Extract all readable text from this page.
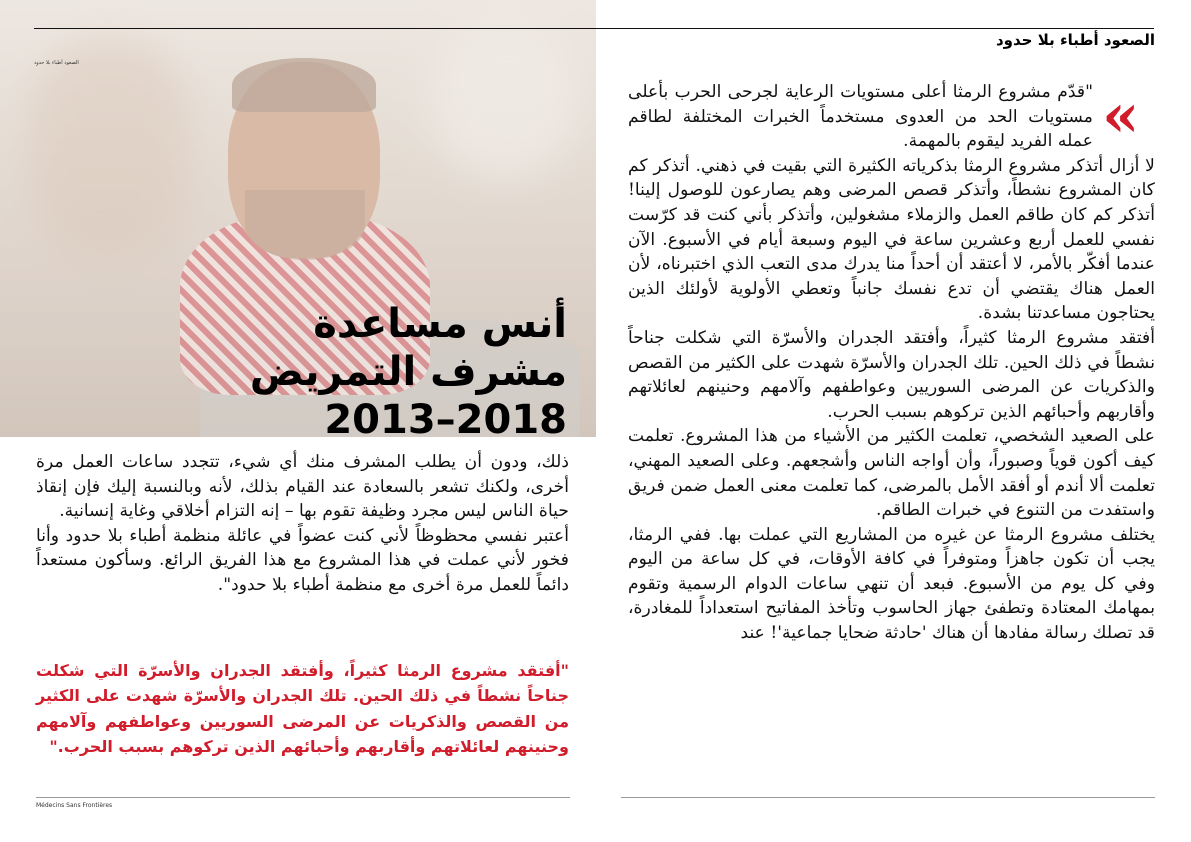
الصعود أطباء بلا حدود
أنس مساعدة
مشرف التمريض
2013–2018
الصعود أطباء بلا حدود
«

"قدّم مشروع الرمثا أعلى مستويات الرعاية لجرحى الحرب بأعلى مستويات الحد من العدوى مستخدماً الخبرات المختلفة لطاقم عمله الفريد ليقوم بالمهمة.

لا أزال أتذكر مشروع الرمثا بذكرياته الكثيرة التي بقيت في ذهني. أتذكر كم كان المشروع نشطاً، وأتذكر قصص المرضى وهم يصارعون للوصول إلينا! أتذكر كم كان طاقم العمل والزملاء مشغولين، وأتذكر بأني كنت قد كرّست نفسي للعمل أربع وعشرين ساعة في اليوم وسبعة أيام في الأسبوع. الآن عندما أفكّر بالأمر، لا أعتقد أن أحداً منا يدرك مدى التعب الذي اختبرناه، لأن العمل هناك يقتضي أن تدع نفسك جانباً وتعطي الأولوية لأولئك الذين يحتاجون مساعدتنا بشدة.

أفتقد مشروع الرمثا كثيراً، وأفتقد الجدران والأسرّة التي شكلت جناحاً نشطاً في ذلك الحين. تلك الجدران والأسرّة شهدت على الكثير من القصص والذكريات عن المرضى السوريين وعواطفهم وآلامهم وحنينهم لعائلاتهم وأقاربهم وأحبائهم الذين تركوهم بسبب الحرب.

على الصعيد الشخصي، تعلمت الكثير من الأشياء من هذا المشروع. تعلمت كيف أكون قوياً وصبوراً، وأن أواجه الناس وأشجعهم. وعلى الصعيد المهني، تعلمت ألا أندم أو أفقد الأمل بالمرضى، كما تعلمت معنى العمل ضمن فريق واستفدت من التنوع في خبرات الطاقم.

يختلف مشروع الرمثا عن غيره من المشاريع التي عملت بها. ففي الرمثا، يجب أن تكون جاهزاً ومتوفراً في كافة الأوقات، في كل ساعة من اليوم وفي كل يوم من الأسبوع. فبعد أن تنهي ساعات الدوام الرسمية وتقوم بمهامك المعتادة وتطفئ جهاز الحاسوب وتأخذ المفاتيح استعداداً للمغادرة، قد تصلك رسالة مفادها أن هناك 'حادثة ضحايا جماعية'! عند

ذلك، ودون أن يطلب المشرف منك أي شيء، تتجدد ساعات العمل مرة أخرى، ولكنك تشعر بالسعادة عند القيام بذلك، لأنه وبالنسبة إليك فإن إنقاذ حياة الناس ليس مجرد وظيفة تقوم بها – إنه التزام أخلاقي وغاية إنسانية.

أعتبر نفسي محظوظاً لأني كنت عضواً في عائلة منظمة أطباء بلا حدود وأنا فخور لأني عملت في هذا المشروع مع هذا الفريق الرائع. وسأكون مستعداً دائماً للعمل مرة أخرى مع منظمة أطباء بلا حدود".

"أفتقد مشروع الرمثا كثيراً، وأفتقد الجدران والأسرّة التي شكلت جناحاً نشطاً في ذلك الحين. تلك الجدران والأسرّة شهدت على الكثير من القصص والذكريات عن المرضى السوريين وعواطفهم وآلامهم وحنينهم لعائلاتهم وأقاربهم وأحبائهم الذين تركوهم بسبب الحرب."

Médecins Sans Frontières
